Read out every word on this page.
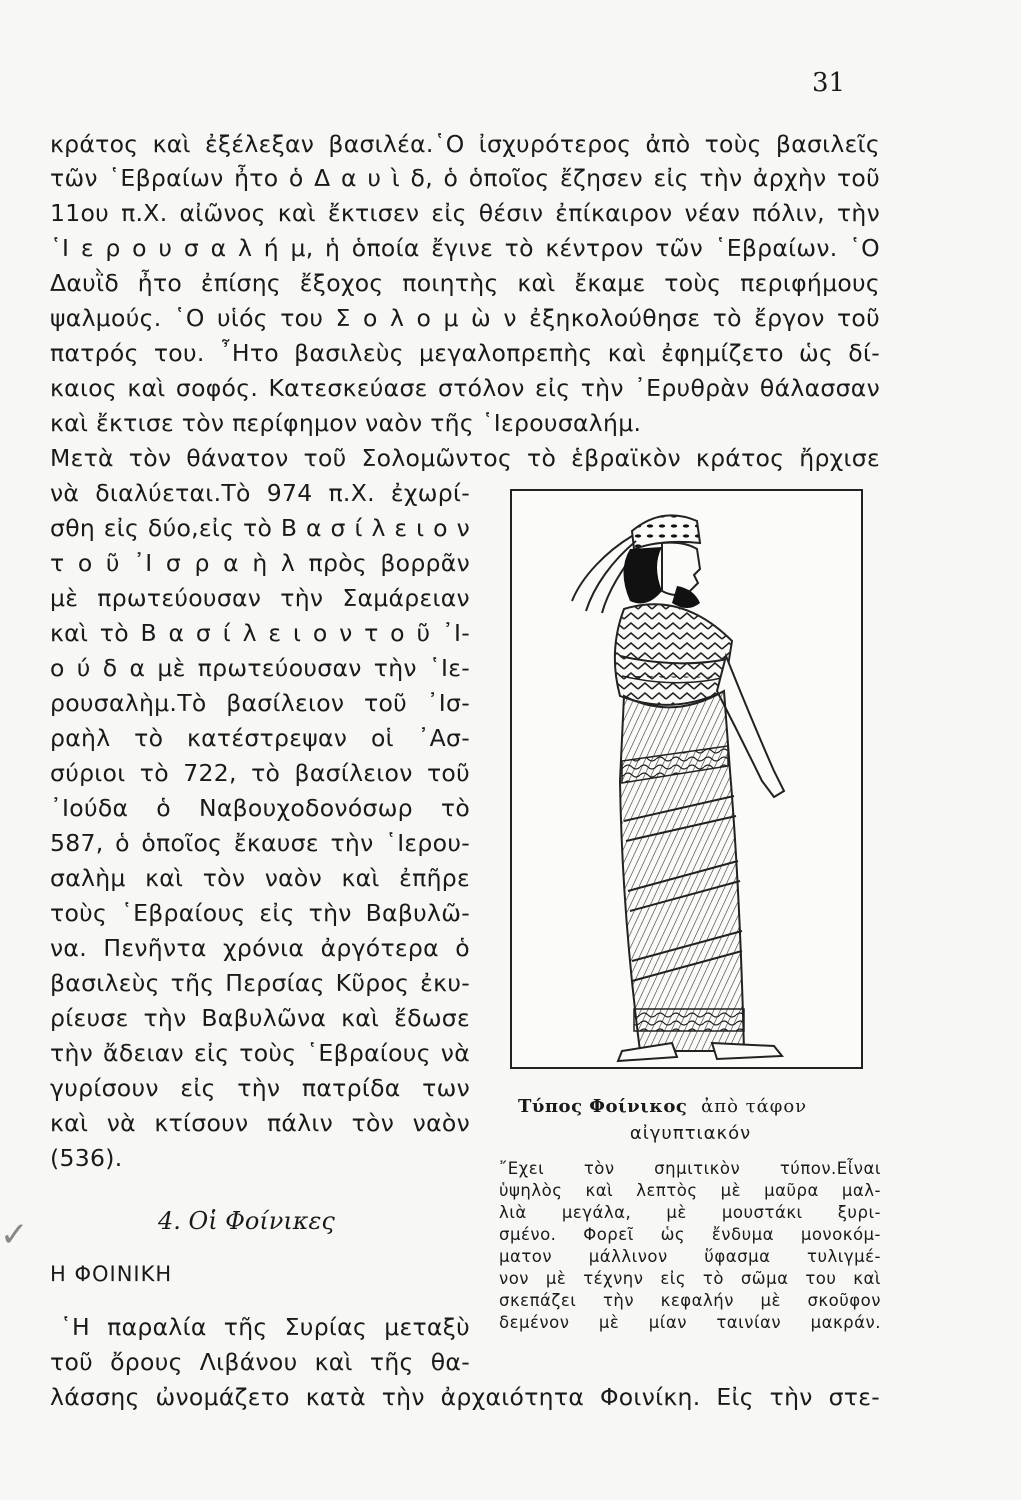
31
κράτος καὶ ἐξέλεξαν βασιλέα.῾Ο ἰσχυρότερος ἀπὸ τοὺς βασιλεῖς
τῶν ῾Εβραίων ἦτο ὁ Δ α υ ὶ δ, ὁ ὁποῖος ἔζησεν εἰς τὴν ἀρχὴν τοῦ
11ου π.Χ. αἰῶνος καὶ ἔκτισεν εἰς θέσιν ἐπίκαιρον νέαν πόλιν, τὴν
῾Ι ε ρ ο υ σ α λ ή μ, ἡ ὁποία ἔγινε τὸ κέντρον τῶν ῾Εβραίων. ῾Ο
Δαυῒδ ἦτο ἐπίσης ἔξοχος ποιητὴς καὶ ἔκαμε τοὺς περιφήμους
ψαλμούς. ῾Ο υἱός του Σ ο λ ο μ ὼ ν ἐξηκολούθησε τὸ ἔργον τοῦ
πατρός του. ῏Ητο βασιλεὺς μεγαλοπρεπὴς καὶ ἐφημίζετο ὡς δί-
καιος καὶ σοφός. Κατεσκεύασε στόλον εἰς τὴν ᾿Ερυθρὰν θάλασσαν
καὶ ἔκτισε τὸν περίφημον ναὸν τῆς ῾Ιερουσαλήμ.
Μετὰ τὸν θάνατον τοῦ Σολομῶντος τὸ ἑβραϊκὸν κράτος ἤρχισε
νὰ διαλύεται.Τὸ 974 π.Χ. ἐχωρί-
σθη εἰς δύο,εἰς τὸ Β α σ ί λ ε ι ο ν
τ ο ῦ ᾿Ι σ ρ α ὴ λ πρὸς βορρᾶν
μὲ πρωτεύουσαν τὴν Σαμάρειαν
καὶ τὸ Β α σ ί λ ε ι ο ν τ ο ῦ ᾿Ι-
ο ύ δ α μὲ πρωτεύουσαν τὴν ῾Ιε-
ρουσαλὴμ.Τὸ βασίλειον τοῦ ᾿Ισ-
ραὴλ τὸ κατέστρεψαν οἱ ᾿Ασ-
σύριοι τὸ 722, τὸ βασίλειον τοῦ
᾿Ιούδα ὁ Ναβουχοδονόσωρ τὸ
587, ὁ ὁποῖος ἔκαυσε τὴν ῾Ιερου-
σαλὴμ καὶ τὸν ναὸν καὶ ἐπῆρε
τοὺς ῾Εβραίους εἰς τὴν Βαβυλῶ-
να. Πενῆντα χρόνια ἀργότερα ὁ
βασιλεὺς τῆς Περσίας Κῦρος ἐκυ-
ρίευσε τὴν Βαβυλῶνα καὶ ἔδωσε
τὴν ἄδειαν εἰς τοὺς ῾Εβραίους νὰ
γυρίσουν εἰς τὴν πατρίδα των
καὶ νὰ κτίσουν πάλιν τὸν ναὸν
(536).
✓	4. Οἱ Φοίνικες
Η ΦΟΙΝΙΚΗ
῾Η παραλία τῆς Συρίας μεταξὺ
τοῦ ὄρους Λιβάνου καὶ τῆς θα-
λάσσης ὠνομάζετο κατὰ τὴν ἀρχαιότητα Φοινίκη. Εἰς τὴν στε-
Τύπος Φοίνικος ἀπὸ τάφον
αἰγυπτιακόν
῎Εχει τὸν σημιτικὸν τύπον.Εἶναι
ὑψηλὸς καὶ λεπτὸς μὲ μαῦρα μαλ-
λιὰ μεγάλα, μὲ μουστάκι ξυρι-
σμένο. Φορεῖ ὡς ἔνδυμα μονοκόμ-
ματον μάλλινον ὕφασμα τυλιγμέ-
νον μὲ τέχνην εἰς τὸ σῶμα του καὶ
σκεπάζει τὴν κεφαλήν μὲ σκοῦφον
δεμένον μὲ μίαν ταινίαν μακράν.
